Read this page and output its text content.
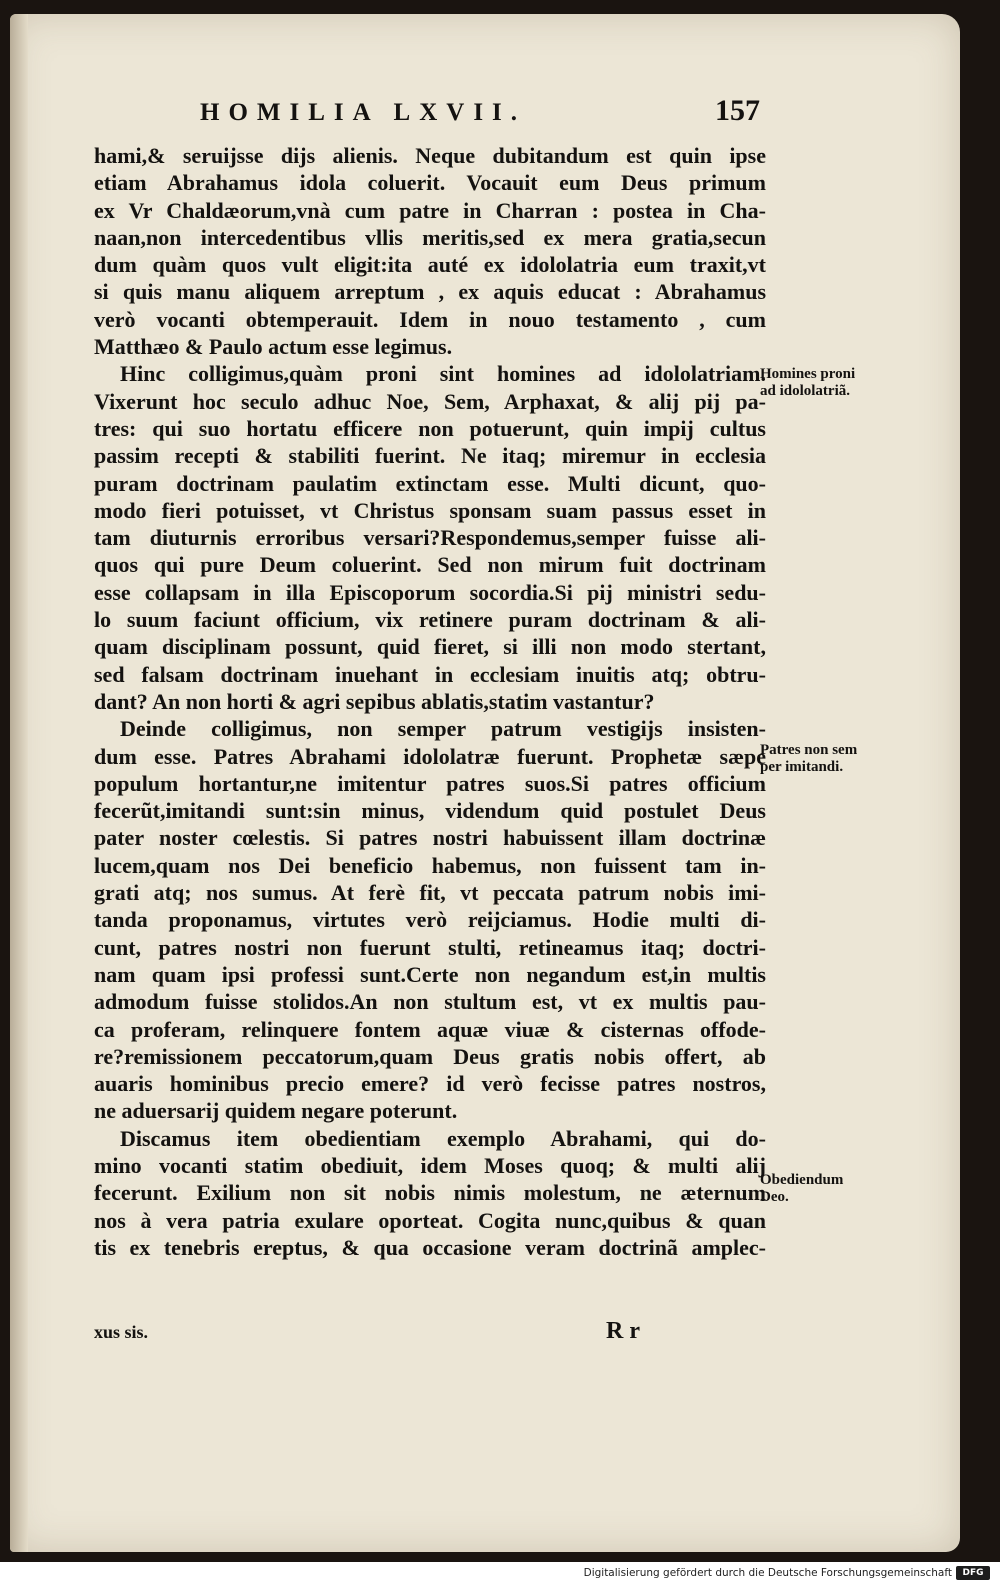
HOMILIA LXVII.	157
hami,& seruijsse dijs alienis. Neque dubitandum est quin ipse
etiam Abrahamus idola coluerit. Vocauit eum Deus primum
ex Vr Chaldæorum,vnà cum patre in Charran : postea in Cha-
naan,non intercedentibus vllis meritis,sed ex mera gratia,secun
dum quàm quos vult eligit:ita auté ex idololatria eum traxit,vt
si quis manu aliquem arreptum , ex aquis educat : Abrahamus
verò vocanti obtemperauit. Idem in nouo testamento , cum
Matthæo & Paulo actum esse legimus.
Hinc colligimus,quàm proni sint homines ad idololatriam.
Vixerunt hoc seculo adhuc Noe, Sem, Arphaxat, & alij pij pa-
tres: qui suo hortatu efficere non potuerunt, quin impij cultus
passim recepti & stabiliti fuerint. Ne itaq; miremur in ecclesia
puram doctrinam paulatim extinctam esse. Multi dicunt, quo-
modo fieri potuisset, vt Christus sponsam suam passus esset in
tam diuturnis erroribus versari?Respondemus,semper fuisse ali-
quos qui pure Deum coluerint. Sed non mirum fuit doctrinam
esse collapsam in illa Episcoporum socordia.Si pij ministri sedu-
lo suum faciunt officium, vix retinere puram doctrinam & ali-
quam disciplinam possunt, quid fieret, si illi non modo stertant,
sed falsam doctrinam inuehant in ecclesiam inuitis atq; obtru-
dant? An non horti & agri sepibus ablatis,statim vastantur?
Deinde colligimus, non semper patrum vestigijs insisten-
dum esse. Patres Abrahami idololatræ fuerunt. Prophetæ sæpe
populum hortantur,ne imitentur patres suos.Si patres officium
fecerũt,imitandi sunt:sin minus, videndum quid postulet Deus
pater noster cœlestis. Si patres nostri habuissent illam doctrinæ
lucem,quam nos Dei beneficio habemus, non fuissent tam in-
grati atq; nos sumus. At ferè fit, vt peccata patrum nobis imi-
tanda proponamus, virtutes verò reijciamus. Hodie multi di-
cunt, patres nostri non fuerunt stulti, retineamus itaq; doctri-
nam quam ipsi professi sunt.Certe non negandum est,in multis
admodum fuisse stolidos.An non stultum est, vt ex multis pau-
ca proferam, relinquere fontem aquæ viuæ & cisternas offode-
re?remissionem peccatorum,quam Deus gratis nobis offert, ab
auaris hominibus precio emere? id verò fecisse patres nostros,
ne aduersarij quidem negare poterunt.
Discamus item obedientiam exemplo Abrahami, qui do-
mino vocanti statim obediuit, idem Moses quoq; & multi alij
fecerunt. Exilium non sit nobis nimis molestum, ne æternum
nos à vera patria exulare oporteat. Cogita nunc,quibus & quan
tis ex tenebris ereptus, & qua occasione veram doctrinã amplec-
Homines proni
ad idololatriã.
Patres non sem
per imitandi.
Obediendum
Deo.
xus sis.	R r
Digitalisierung gefördert durch die Deutsche Forschungsgemeinschaft	DFG
